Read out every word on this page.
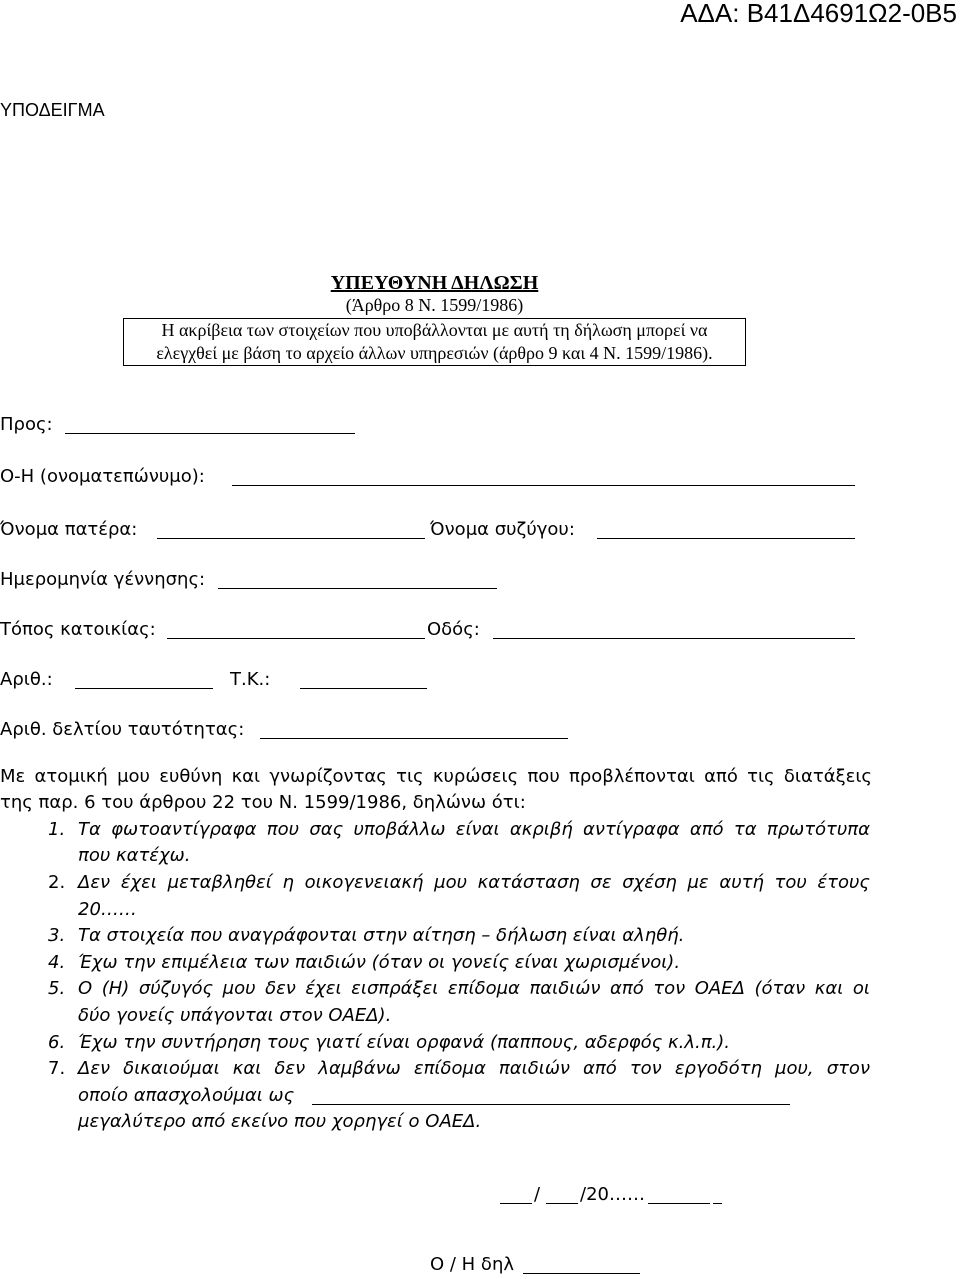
ΑΔΑ: Β41Δ4691Ω2-0Β5
ΥΠΟΔΕΙΓΜΑ
ΥΠΕΥΘΥΝΗ ΔΗΛΩΣΗ
(Άρθρο 8 Ν. 1599/1986)
Η ακρίβεια των στοιχείων που υποβάλλονται με αυτή τη δήλωση μπορεί να
ελεγχθεί με βάση το αρχείο άλλων υπηρεσιών (άρθρο 9 και 4 Ν. 1599/1986).
Προς:
Ο-Η (ονοματεπώνυμο):
Όνομα πατέρα:	Όνομα συζύγου:
Ημερομηνία γέννησης:
Τόπος κατοικίας:	Οδός:
Αριθ.:	Τ.Κ.:
Αριθ. δελτίου ταυτότητας:
Με ατομική μου ευθύνη και γνωρίζοντας τις κυρώσεις που προβλέπονται από τις διατάξεις
της παρ. 6 του άρθρου 22 του Ν. 1599/1986, δηλώνω ότι:
1. Τα φωτοαντίγραφα που σας υποβάλλω είναι ακριβή αντίγραφα από τα πρωτότυπα
που κατέχω.
2. Δεν έχει μεταβληθεί η οικογενειακή μου κατάσταση σε σχέση με αυτή του έτους
20……
3. Τα στοιχεία που αναγράφονται στην αίτηση – δήλωση είναι αληθή.
4. Έχω την επιμέλεια των παιδιών (όταν οι γονείς είναι χωρισμένοι).
5. Ο (Η) σύζυγός μου δεν έχει εισπράξει επίδομα παιδιών από τον ΟΑΕΔ (όταν και οι
δύο γονείς υπάγονται στον ΟΑΕΔ).
6. Έχω την συντήρηση τους γιατί είναι ορφανά (παππους, αδερφός κ.λ.π.).
7. Δεν δικαιούμαι και δεν λαμβάνω επίδομα παιδιών από τον εργοδότη μου, στον
οποίο απασχολούμαι ως
μεγαλύτερο από εκείνο που χορηγεί ο ΟΑΕΔ.
/ /20……
Ο / Η δηλ
